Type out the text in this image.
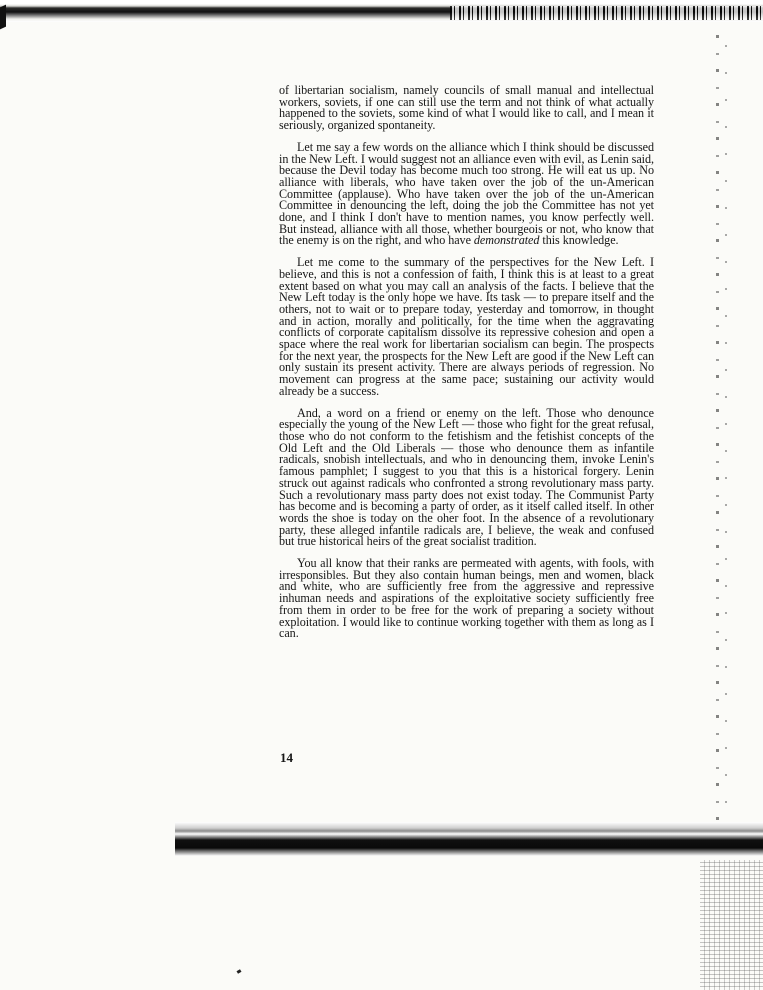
of libertarian socialism, namely councils of small manual and intellectual workers, soviets, if one can still use the term and not think of what actually happened to the soviets, some kind of what I would like to call, and I mean it seriously, organized spontaneity.

Let me say a few words on the alliance which I think should be discussed in the New Left. I would suggest not an alliance even with evil, as Lenin said, because the Devil today has become much too strong. He will eat us up. No alliance with liberals, who have taken over the job of the un-American Committee (applause). Who have taken over the job of the un-American Committee in denouncing the left, doing the job the Committee has not yet done, and I think I don't have to mention names, you know perfectly well. But instead, alliance with all those, whether bourgeois or not, who know that the enemy is on the right, and who have demonstrated this knowledge.

Let me come to the summary of the perspectives for the New Left. I believe, and this is not a confession of faith, I think this is at least to a great extent based on what you may call an analysis of the facts. I believe that the New Left today is the only hope we have. Its task — to prepare itself and the others, not to wait or to prepare today, yesterday and tomorrow, in thought and in action, morally and politically, for the time when the aggravating conflicts of corporate capitalism dissolve its repressive cohesion and open a space where the real work for libertarian socialism can begin. The prospects for the next year, the prospects for the New Left are good if the New Left can only sustain its present activity. There are always periods of regression. No movement can progress at the same pace; sustaining our activity would already be a success.

And, a word on a friend or enemy on the left. Those who denounce especially the young of the New Left — those who fight for the great refusal, those who do not conform to the fetishism and the fetishist concepts of the Old Left and the Old Liberals — those who denounce them as infantile radicals, snobish intellectuals, and who in denouncing them, invoke Lenin's famous pamphlet; I suggest to you that this is a historical forgery. Lenin struck out against radicals who confronted a strong revolutionary mass party. Such a revolutionary mass party does not exist today. The Communist Party has become and is becoming a party of order, as it itself called itself. In other words the shoe is today on the oher foot. In the absence of a revolutionary party, these alleged infantile radicals are, I believe, the weak and confused but true historical heirs of the great socialist tradition.

You all know that their ranks are permeated with agents, with fools, with irresponsibles. But they also contain human beings, men and women, black and white, who are sufficiently free from the aggressive and repressive inhuman needs and aspirations of the exploitative society sufficiently free from them in order to be free for the work of preparing a society without exploitation. I would like to continue working together with them as long as I can.

14
